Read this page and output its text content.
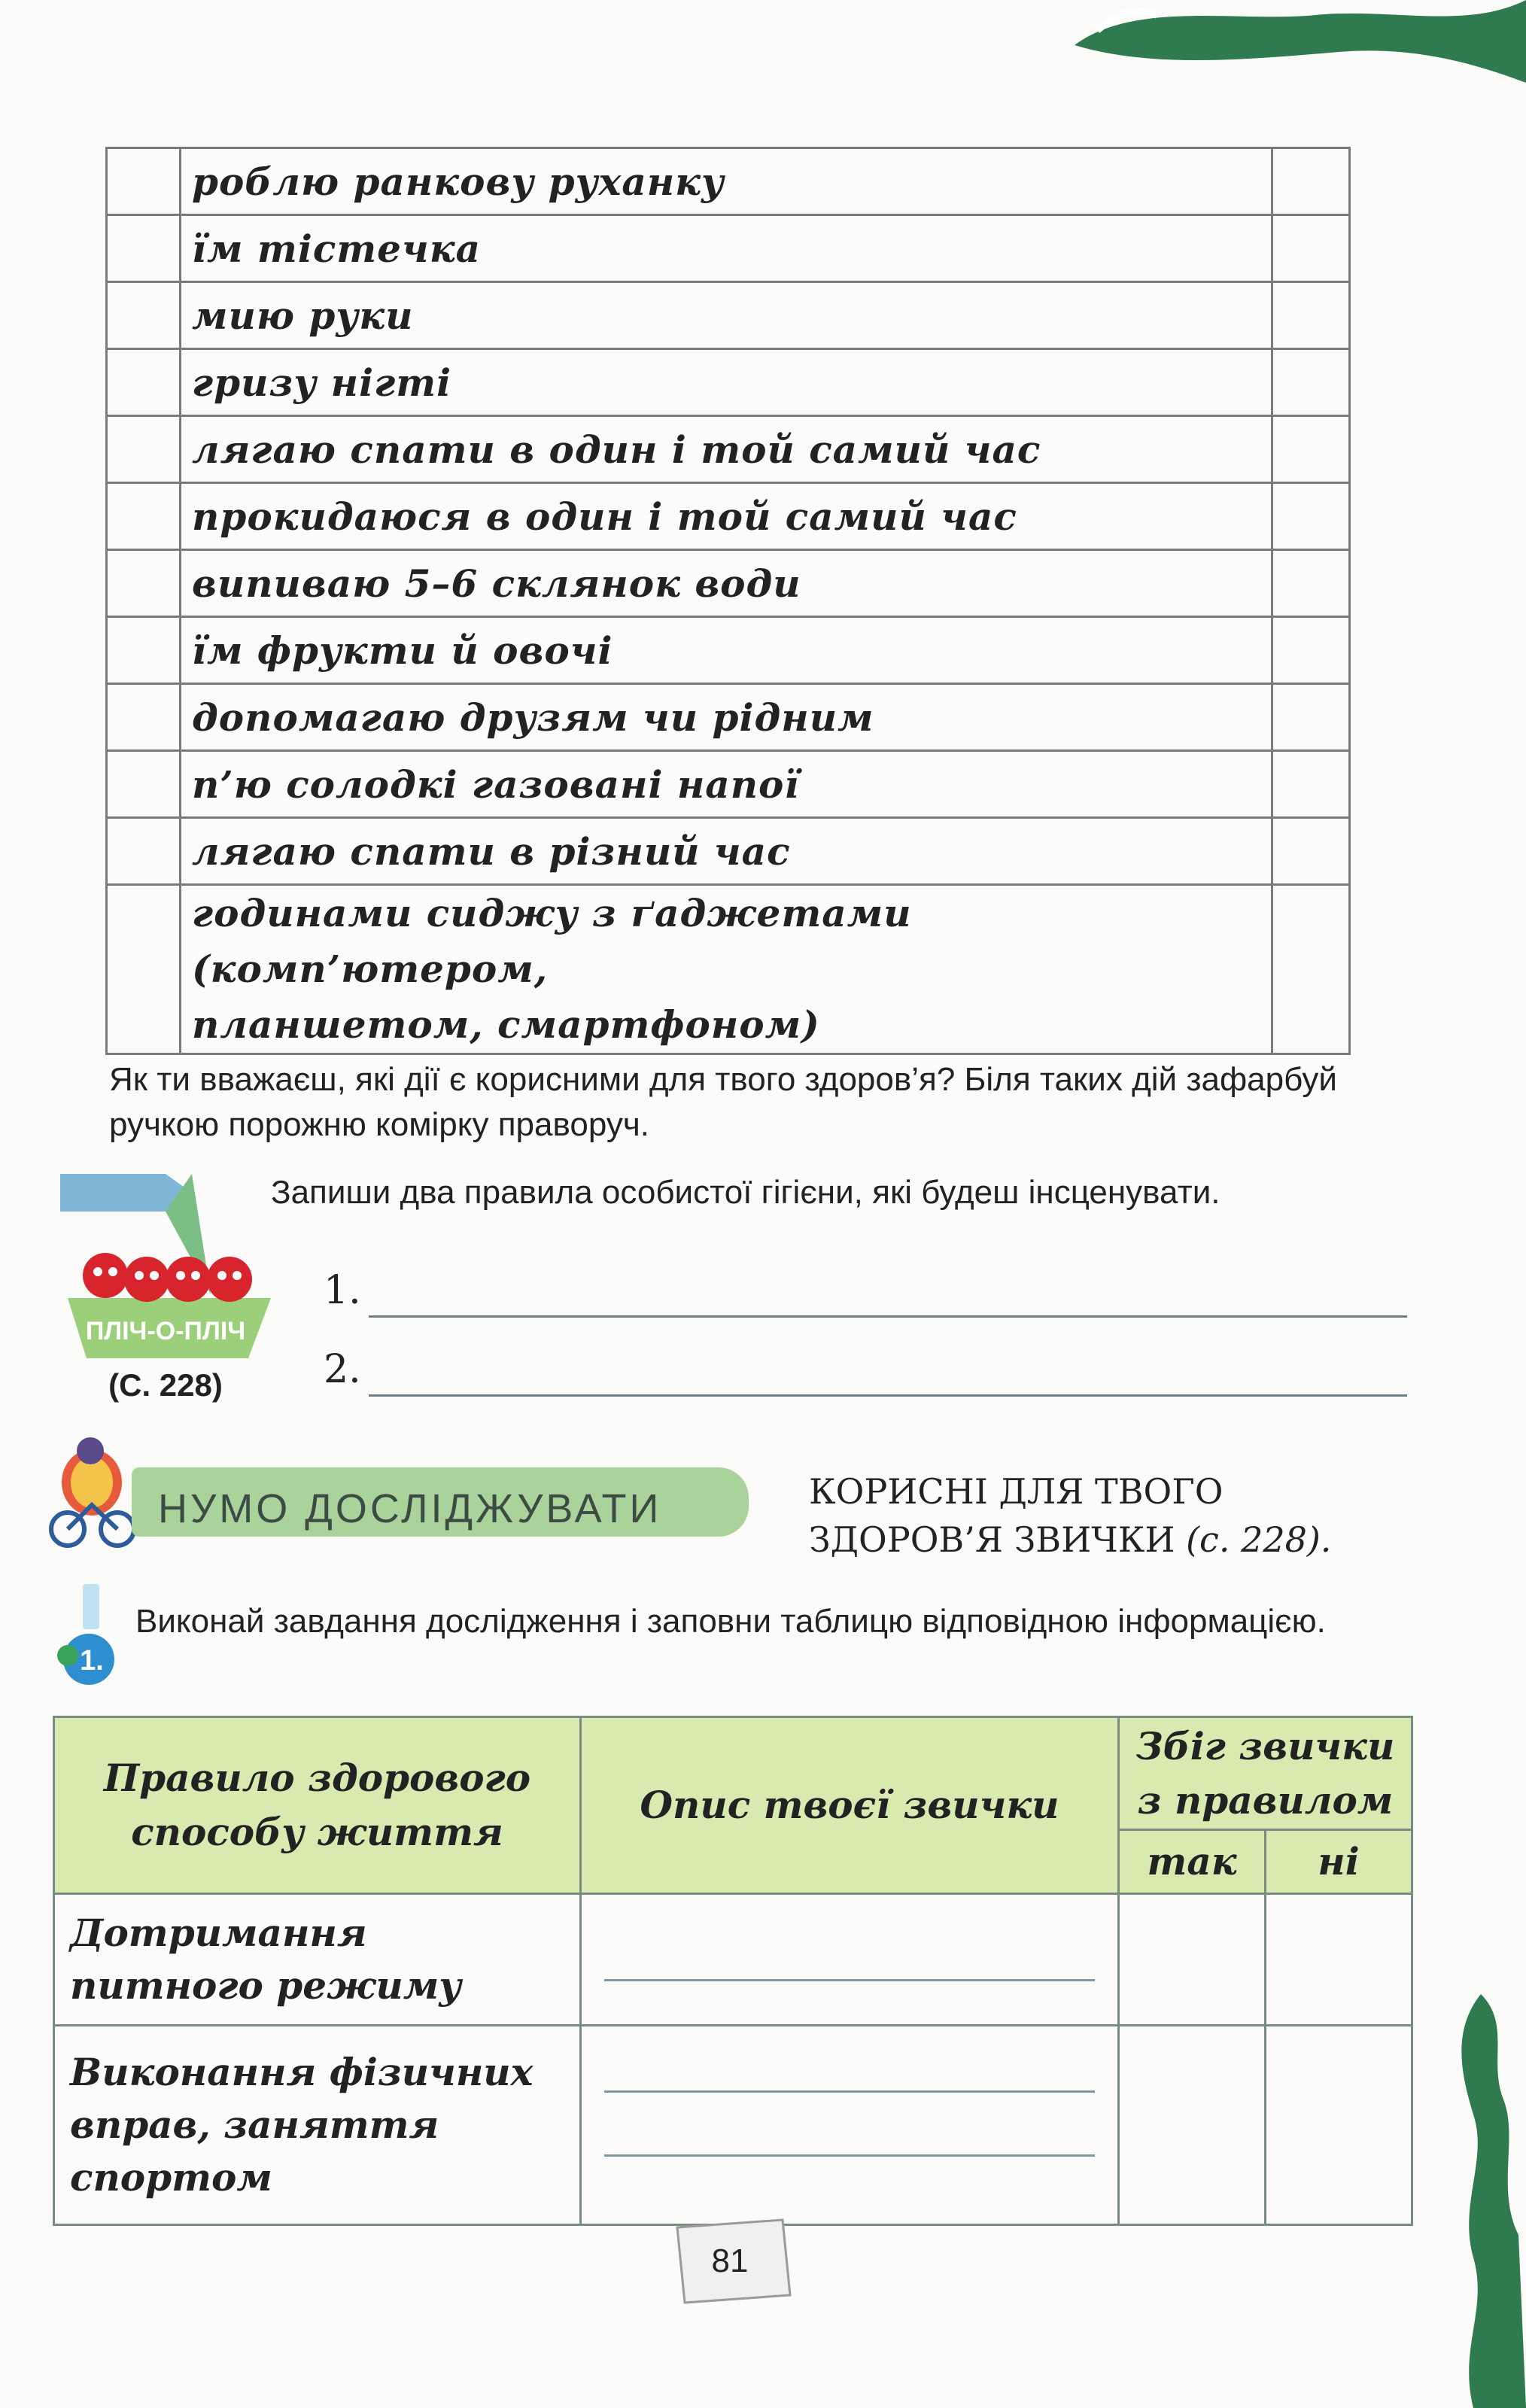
	роблю ранкову руханку	
	їм тістечка	
	мию руки	
	гризу нігті	
	лягаю спати в один і той самий час	
	прокидаюся в один і той самий час	
	випиваю 5–6 склянок води	
	їм фрукти й овочі	
	допомагаю друзям чи рідним	
	п’ю солодкі газовані напої	
	лягаю спати в різний час	

	годинами сиджу з ґаджетами (комп’ютером,
планшетом, смартфоном)	

Як ти вважаєш, які дії є корисними для твого здоров’я? Біля таких дій зафарбуй ручкою порожню комірку праворуч.
ПЛІЧ-О-ПЛІЧ
(С. 228)
Запиши два правила особистої гігієни, які будеш інсценувати.
1.
2.
НУМО ДОСЛІДЖУВАТИ	КОРИСНІ ДЛЯ ТВОГО
ЗДОРОВ’Я ЗВИЧКИ (с. 228).
1.
Виконай завдання дослідження і заповни таблицю відповідною інформацією.
Правило здорового способу життя	Опис твоєї звички	Збіг звички з правилом	
		так	ні
Дотримання питного режиму	

Виконання фізичних вправ, заняття спортом	

81
